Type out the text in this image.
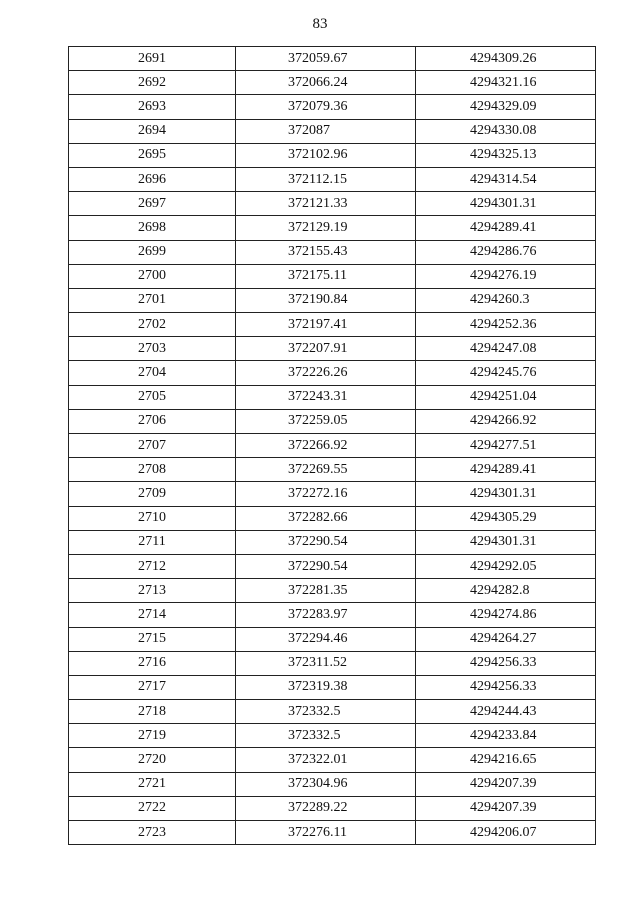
83
2691	372059.67	4294309.26
2692	372066.24	4294321.16
2693	372079.36	4294329.09
2694	372087	4294330.08
2695	372102.96	4294325.13
2696	372112.15	4294314.54
2697	372121.33	4294301.31
2698	372129.19	4294289.41
2699	372155.43	4294286.76
2700	372175.11	4294276.19
2701	372190.84	4294260.3
2702	372197.41	4294252.36
2703	372207.91	4294247.08
2704	372226.26	4294245.76
2705	372243.31	4294251.04
2706	372259.05	4294266.92
2707	372266.92	4294277.51
2708	372269.55	4294289.41
2709	372272.16	4294301.31
2710	372282.66	4294305.29
2711	372290.54	4294301.31
2712	372290.54	4294292.05
2713	372281.35	4294282.8
2714	372283.97	4294274.86
2715	372294.46	4294264.27
2716	372311.52	4294256.33
2717	372319.38	4294256.33
2718	372332.5	4294244.43
2719	372332.5	4294233.84
2720	372322.01	4294216.65
2721	372304.96	4294207.39
2722	372289.22	4294207.39
2723	372276.11	4294206.07
